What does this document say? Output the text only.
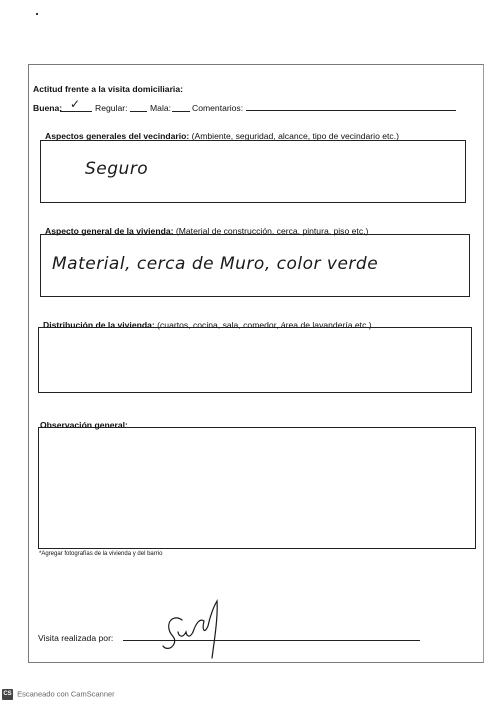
Actitud frente a la visita domiciliaria:
Buena: ✓ Regular:	Mala: Comentarios:
Aspectos generales del vecindario: (Ambiente, seguridad, alcance, tipo de vecindario etc.)
Seguro
Aspecto general de la vivienda: (Material de construcción, cerca, pintura, piso etc.)
Material, cerca de Muro, color verde
Distribución de la vivienda: (cuartos, cocina, sala, comedor, área de lavandería etc.)
Observación general:
*Agregar fotografías de la vivienda y del barrio
Visita realizada por:
CS Escaneado con CamScanner
